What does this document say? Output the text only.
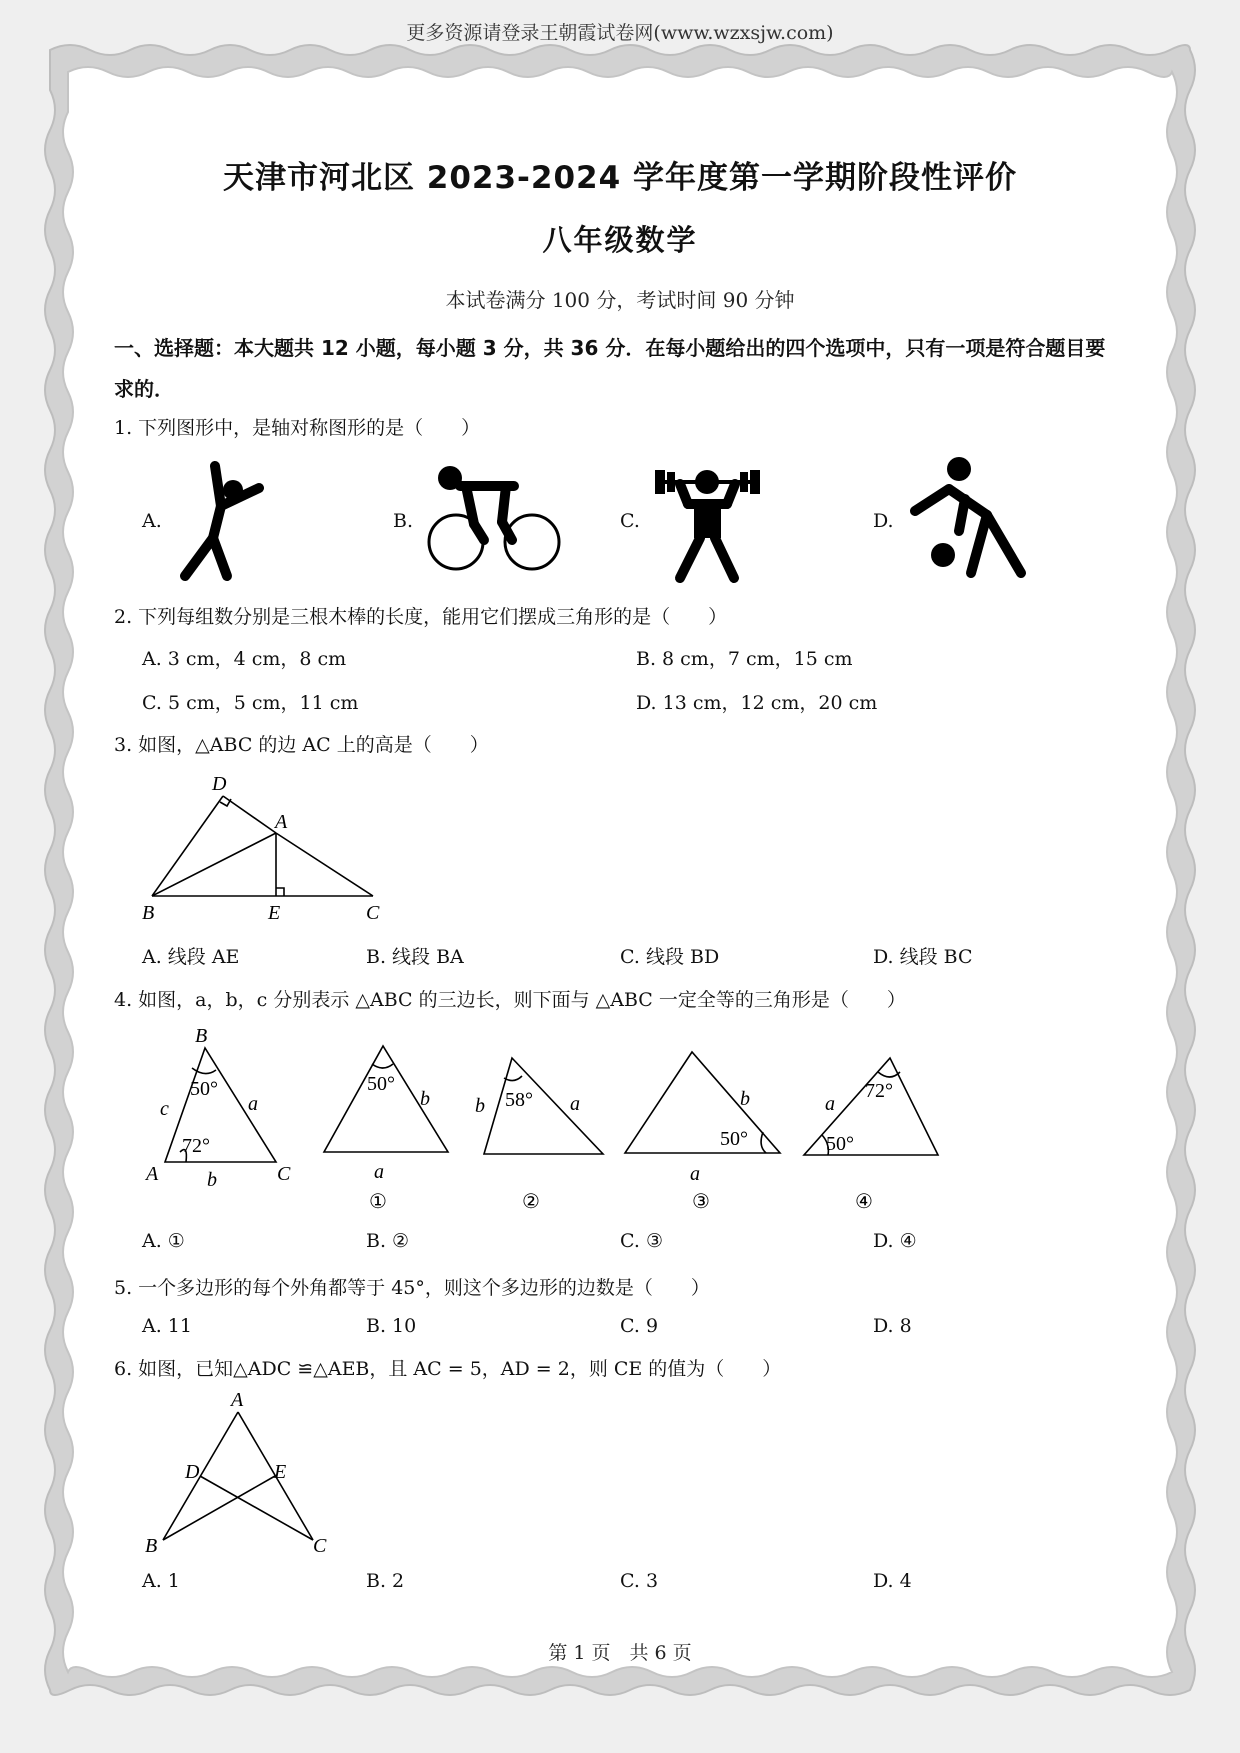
更多资源请登录王朝霞试卷网(www.wzxsjw.com)
天津市河北区 2023-2024 学年度第一学期阶段性评价
八年级数学
本试卷满分 100 分，考试时间 90 分钟
一、选择题：本大题共 12 小题，每小题 3 分，共 36 分．在每小题给出的四个选项中，只有一项是符合题目要求的．
1. 下列图形中，是轴对称图形的是（　　）
A.	B.	C.	D.
2. 下列每组数分别是三根木棒的长度，能用它们摆成三角形的是（　　）
A. 3 cm，4 cm，8 cm	B. 8 cm，7 cm，15 cm
C. 5 cm，5 cm，11 cm	D. 13 cm，12 cm，20 cm
3. 如图，△ABC 的边 AC 上的高是（　　）
D
A
B	E	C
A. 线段 AE	B. 线段 BA	C. 线段 BD	D. 线段 BC
4. 如图，a，b，c 分别表示 △ABC 的三边长，则下面与 △ABC 一定全等的三角形是（　　）
B
A	C
c	a
b
50°
72°
50°
b
a
①
58°
b	a
②
50°
b
a
③
72°
50°
a
④
A. ①	B. ②	C. ③	D. ④
5. 一个多边形的每个外角都等于 45°，则这个多边形的边数是（　　）
A. 11	B. 10	C. 9	D. 8
6. 如图，已知△ADC ≌△AEB，且 AC = 5，AD = 2，则 CE 的值为（　　）
A
D	E
B	C
A. 1	B. 2	C. 3	D. 4
第 1 页　共 6 页
